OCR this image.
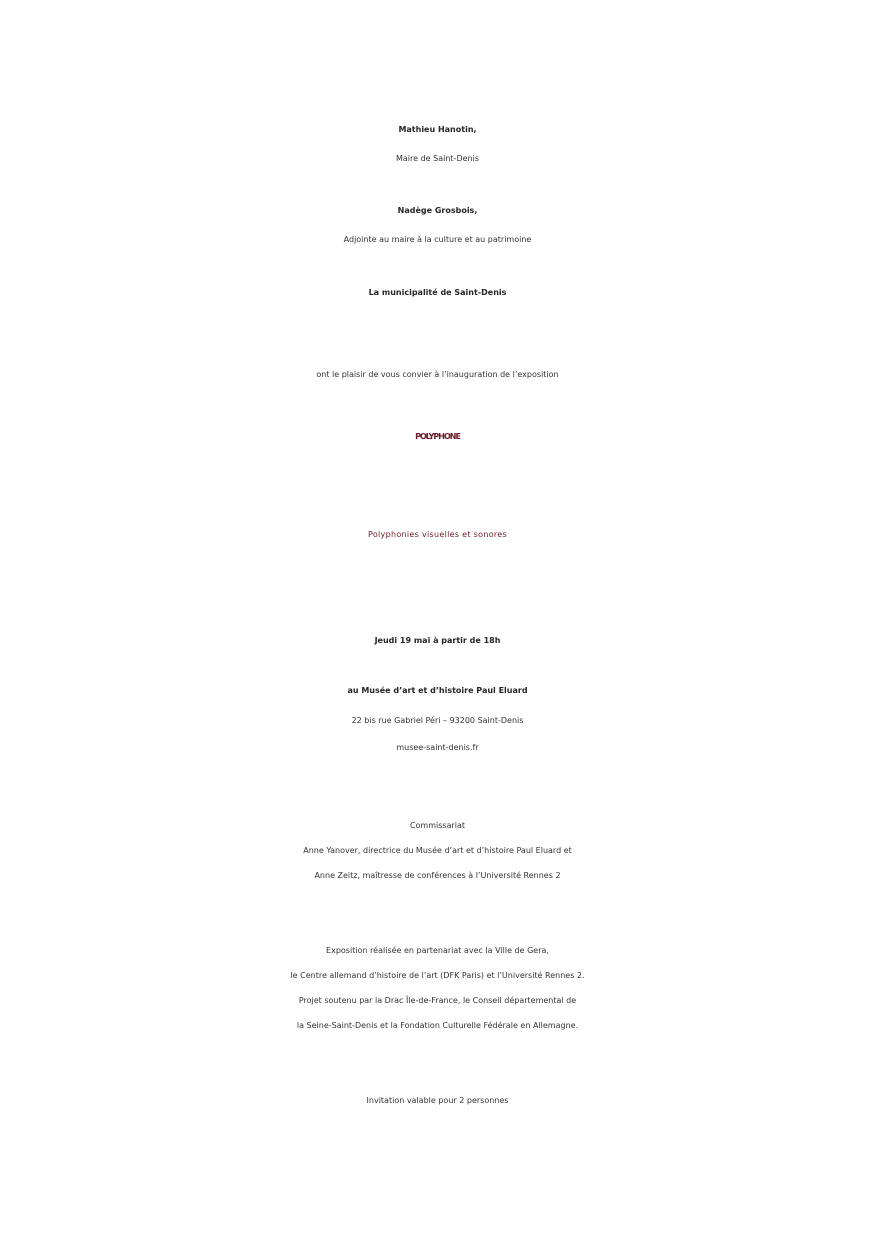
Mathieu Hanotin,
Maire de Saint-Denis
Nadège Grosbois,
Adjointe au maire à la culture et au patrimoine
La municipalité de Saint-Denis
ont le plaisir de vous convier à l’inauguration de l’exposition
POLYPHONE
Polyphonies visuelles et sonores
Jeudi 19 mai à partir de 18h
au Musée d’art et d’histoire Paul Eluard
22 bis rue Gabriel Péri – 93200 Saint-Denis
musee-saint-denis.fr
Commissariat
Anne Yanover, directrice du Musée d’art et d’histoire Paul Eluard et
Anne Zeitz, maîtresse de conférences à l’Université Rennes 2
Exposition réalisée en partenariat avec la Ville de Gera,
le Centre allemand d’histoire de l’art (DFK Paris) et l’Université Rennes 2.
Projet soutenu par la Drac Île-de-France, le Conseil départemental de
la Seine-Saint-Denis et la Fondation Culturelle Fédérale en Allemagne.
Invitation valable pour 2 personnes
